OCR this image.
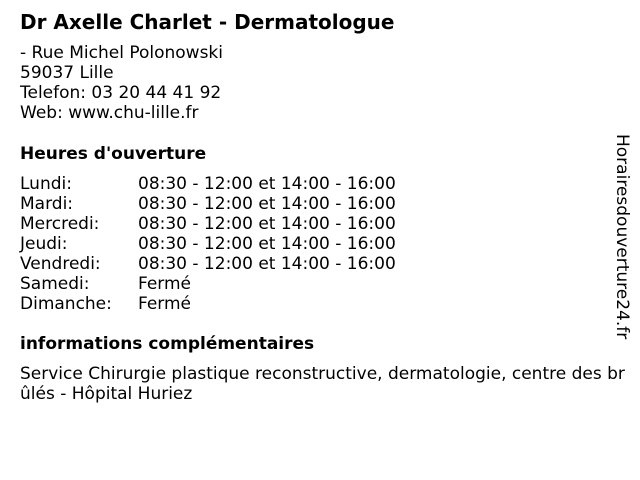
Dr Axelle Charlet - Dermatologue
- Rue Michel Polonowski
59037 Lille
Telefon: 03 20 44 41 92
Web: www.chu-lille.fr
Heures d'ouverture
Lundi:	08:30 - 12:00 et 14:00 - 16:00
Mardi:	08:30 - 12:00 et 14:00 - 16:00
Mercredi:	08:30 - 12:00 et 14:00 - 16:00
Jeudi:	08:30 - 12:00 et 14:00 - 16:00
Vendredi:	08:30 - 12:00 et 14:00 - 16:00
Samedi:	Fermé
Dimanche:	Fermé
informations complémentaires

Service Chirurgie plastique reconstructive, dermatologie, centre des brûlés - Hôpital Huriez

Horairesdouverture24.fr
